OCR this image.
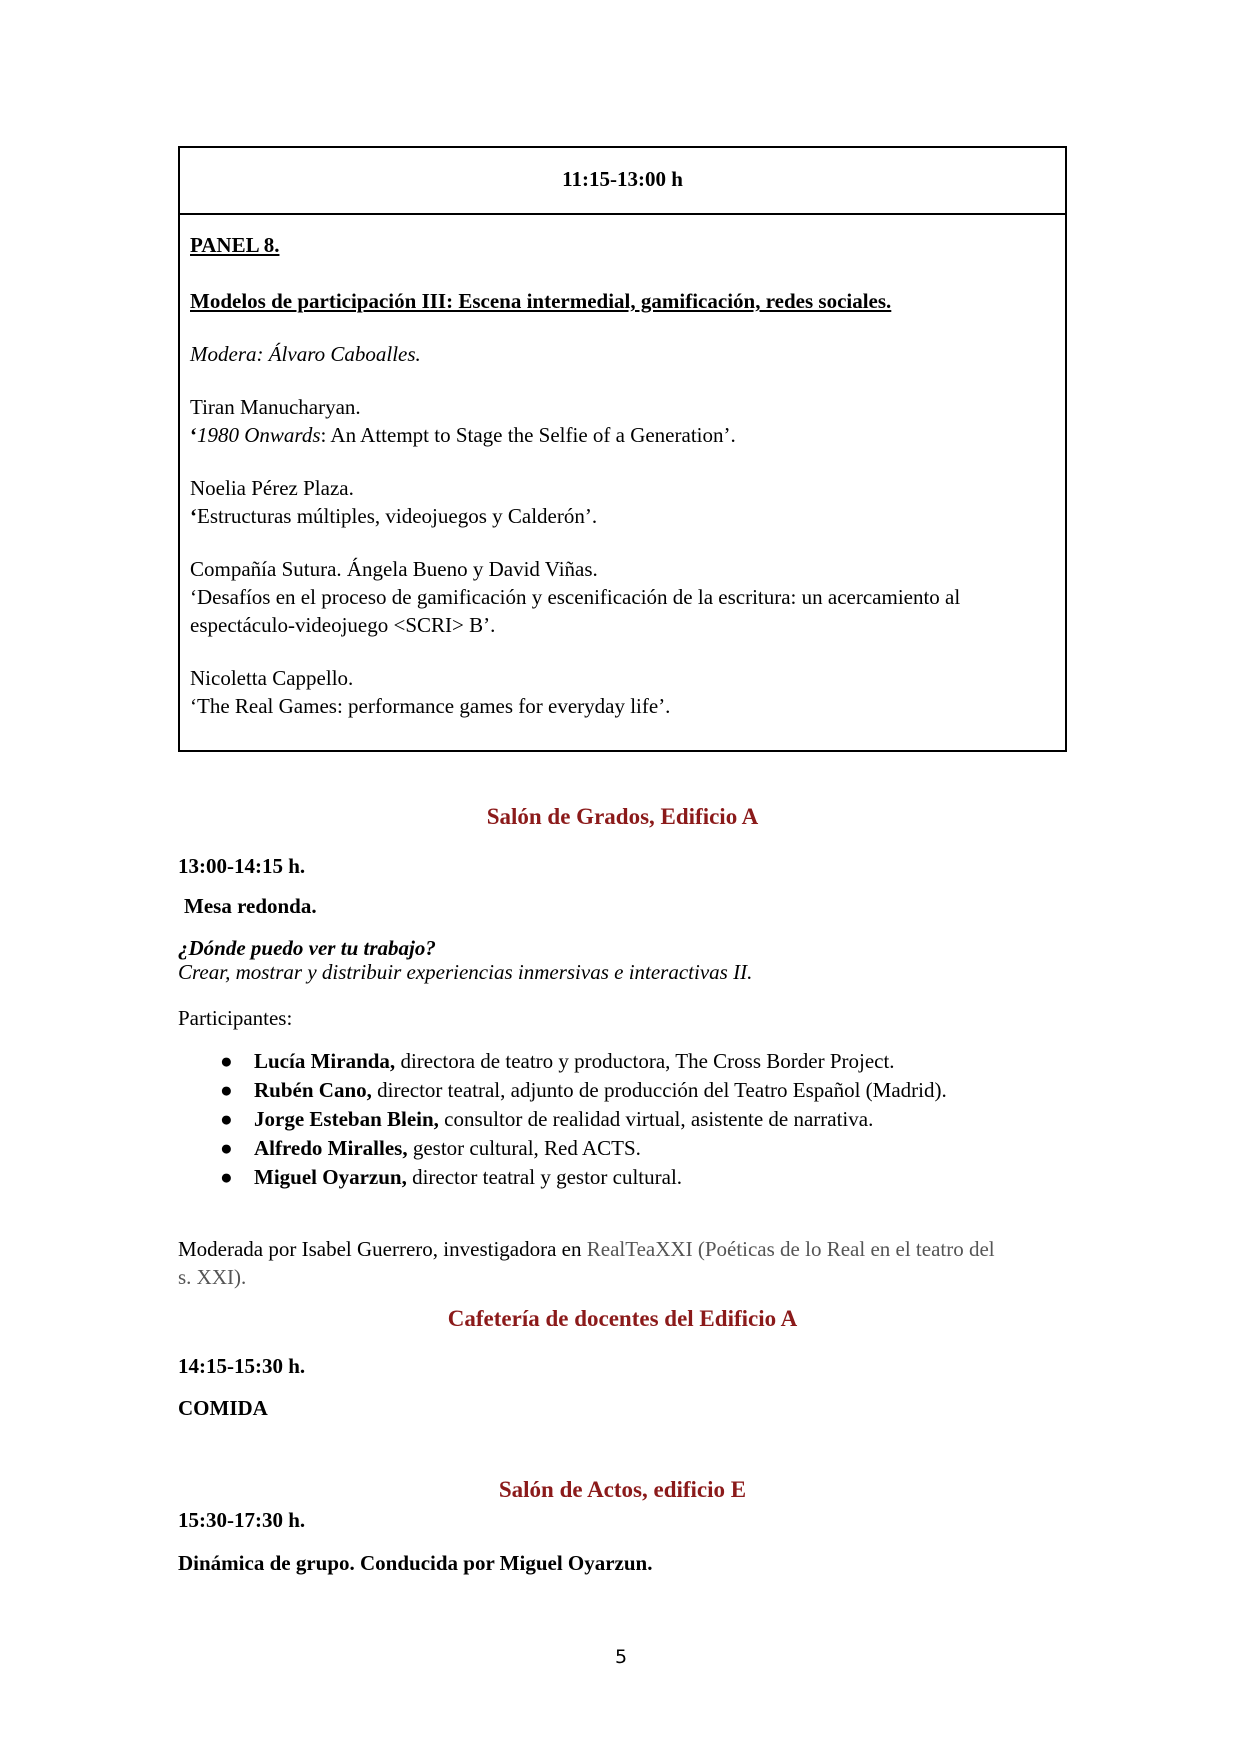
11:15-13:00 h
PANEL 8.
Modelos de participación III: Escena intermedial, gamificación, redes sociales.
Modera: Álvaro Caboalles.
Tiran Manucharyan.
‘1980 Onwards: An Attempt to Stage the Selfie of a Generation’.
Noelia Pérez Plaza.
‘Estructuras múltiples, videojuegos y Calderón’.
Compañía Sutura. Ángela Bueno y David Viñas.
‘Desafíos en el proceso de gamificación y escenificación de la escritura: un acercamiento al
espectáculo-videojuego <SCRI> B’.
Nicoletta Cappello.
‘The Real Games: performance games for everyday life’.
Salón de Grados, Edificio A
13:00-14:15 h.
Mesa redonda.
¿Dónde puedo ver tu trabajo?
Crear, mostrar y distribuir experiencias inmersivas e interactivas II.
Participantes:
● Lucía Miranda, directora de teatro y productora, The Cross Border Project.
● Rubén Cano, director teatral, adjunto de producción del Teatro Español (Madrid).
● Jorge Esteban Blein, consultor de realidad virtual, asistente de narrativa.
● Alfredo Miralles, gestor cultural, Red ACTS.
● Miguel Oyarzun, director teatral y gestor cultural.
Moderada por Isabel Guerrero, investigadora en RealTeaXXI (Poéticas de lo Real en el teatro del
s. XXI).
Cafetería de docentes del Edificio A
14:15-15:30 h.
COMIDA
Salón de Actos, edificio E
15:30-17:30 h.
Dinámica de grupo. Conducida por Miguel Oyarzun.
5
